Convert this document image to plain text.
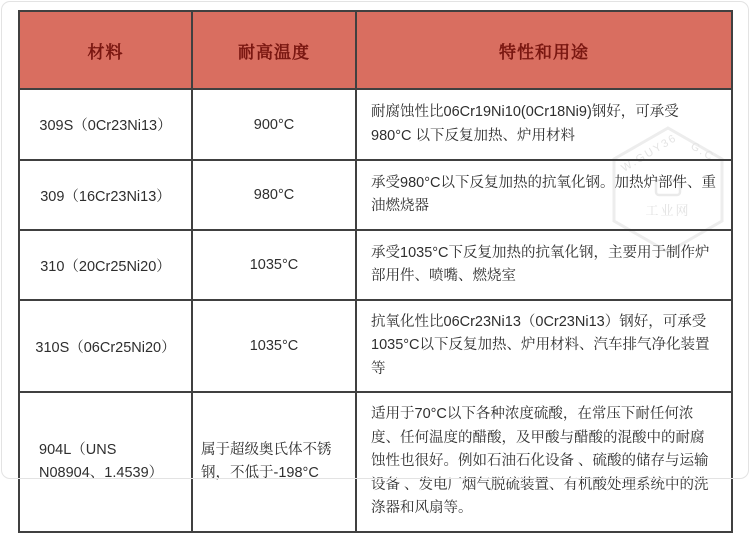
W.GUY36 G.C
工业网
材料	耐高温度	特性和用途
309S（0Cr23Ni13）	900°C	耐腐蚀性比06Cr19Ni10(0Cr18Ni9)钢好，可承受980°C 以下反复加热、炉用材料
309（16Cr23Ni13）	980°C	承受980°C以下反复加热的抗氧化钢。加热炉部件、重油燃烧器
310（20Cr25Ni20）	1035°C	承受1035°C下反复加热的抗氧化钢，主要用于制作炉部用件、喷嘴、燃烧室
310S（06Cr25Ni20）	1035°C	抗氧化性比06Cr23Ni13（0Cr23Ni13）钢好，可承受 1035°C以下反复加热、炉用材料、汽车排气净化装置等
904L（UNS N08904、1.4539）	属于超级奥氏体不锈钢，不低于-198°C	适用于70°C以下各种浓度硫酸，在常压下耐任何浓度、任何温度的醋酸，及甲酸与醋酸的混酸中的耐腐蚀性也很好。例如石油石化设备 、硫酸的储存与运输设备 、发电厂烟气脱硫装置、有机酸处理系统中的洗涤器和风扇等。
